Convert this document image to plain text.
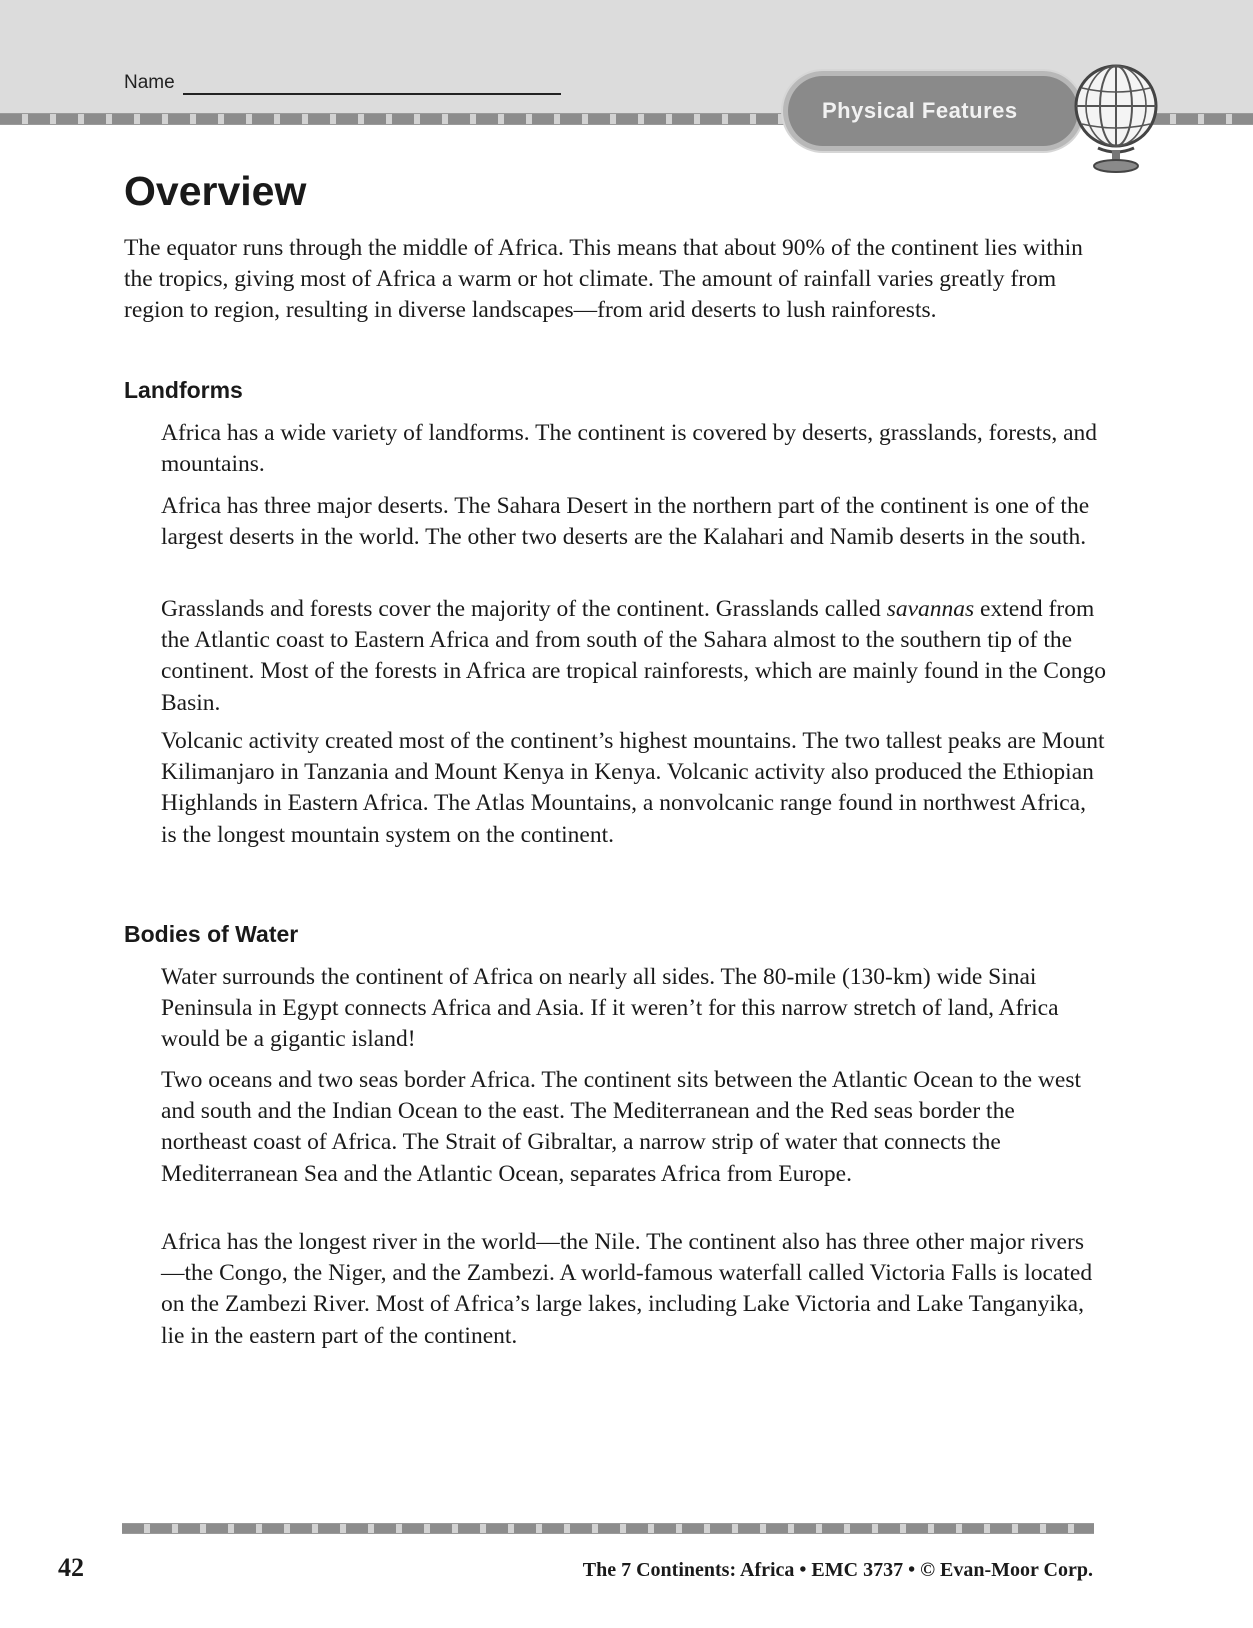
Name
Physical Features
Overview

The equator runs through the middle of Africa. This means that about 90% of the continent lies within the tropics, giving most of Africa a warm or hot climate. The amount of rainfall varies greatly from region to region, resulting in diverse landscapes—from arid deserts to lush rainforests.

Landforms

Africa has a wide variety of landforms. The continent is covered by deserts, grasslands, forests, and mountains.

Africa has three major deserts. The Sahara Desert in the northern part of the continent is one of the largest deserts in the world. The other two deserts are the Kalahari and Namib deserts in the south.

Grasslands and forests cover the majority of the continent. Grasslands called savannas extend from the Atlantic coast to Eastern Africa and from south of the Sahara almost to the southern tip of the continent. Most of the forests in Africa are tropical rainforests, which are mainly found in the Congo Basin.

Volcanic activity created most of the continent’s highest mountains. The two tallest peaks are Mount Kilimanjaro in Tanzania and Mount Kenya in Kenya. Volcanic activity also produced the Ethiopian Highlands in Eastern Africa. The Atlas Mountains, a nonvolcanic range found in northwest Africa, is the longest mountain system on the continent.

Bodies of Water

Water surrounds the continent of Africa on nearly all sides. The 80-mile (130-km) wide Sinai Peninsula in Egypt connects Africa and Asia. If it weren’t for this narrow stretch of land, Africa would be a gigantic island!

Two oceans and two seas border Africa. The continent sits between the Atlantic Ocean to the west and south and the Indian Ocean to the east. The Mediterranean and the Red seas border the northeast coast of Africa. The Strait of Gibraltar, a narrow strip of water that connects the Mediterranean Sea and the Atlantic Ocean, separates Africa from Europe.

Africa has the longest river in the world—the Nile. The continent also has three other major rivers—the Congo, the Niger, and the Zambezi. A world-famous waterfall called Victoria Falls is located on the Zambezi River. Most of Africa’s large lakes, including Lake Victoria and Lake Tanganyika, lie in the eastern part of the continent.

42	The 7 Continents: Africa • EMC 3737 • © Evan-Moor Corp.
